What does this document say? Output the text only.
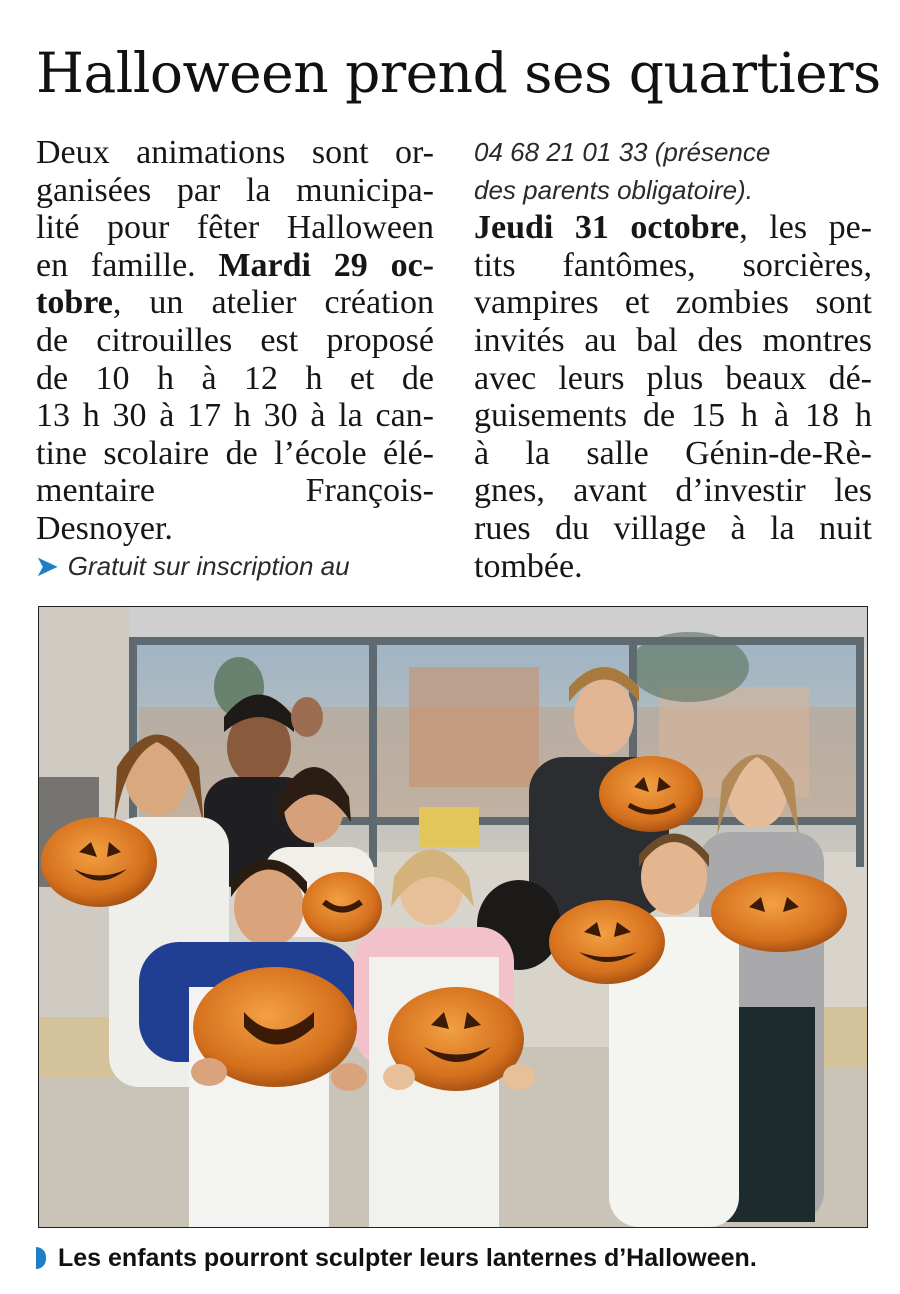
Halloween prend ses quartiers
Deux animations sont or-
ganisées par la municipa-
lité pour fêter Halloween
en famille. Mardi 29 oc-
tobre, un atelier création
de citrouilles est proposé
de 10 h à 12 h et de
13 h 30 à 17 h 30 à la can-
tine scolaire de l’école élé-
mentaire François-
Desnoyer.
➤ Gratuit sur inscription au
04 68 21 01 33 (présence
des parents obligatoire).
Jeudi 31 octobre, les pe-
tits fantômes, sorcières,
vampires et zombies sont
invités au bal des montres
avec leurs plus beaux dé-
guisements de 15 h à 18 h
à la salle Génin-de-Rè-
gnes, avant d’investir les
rues du village à la nuit
tombée.
Les enfants pourront sculpter leurs lanternes d’Halloween.
